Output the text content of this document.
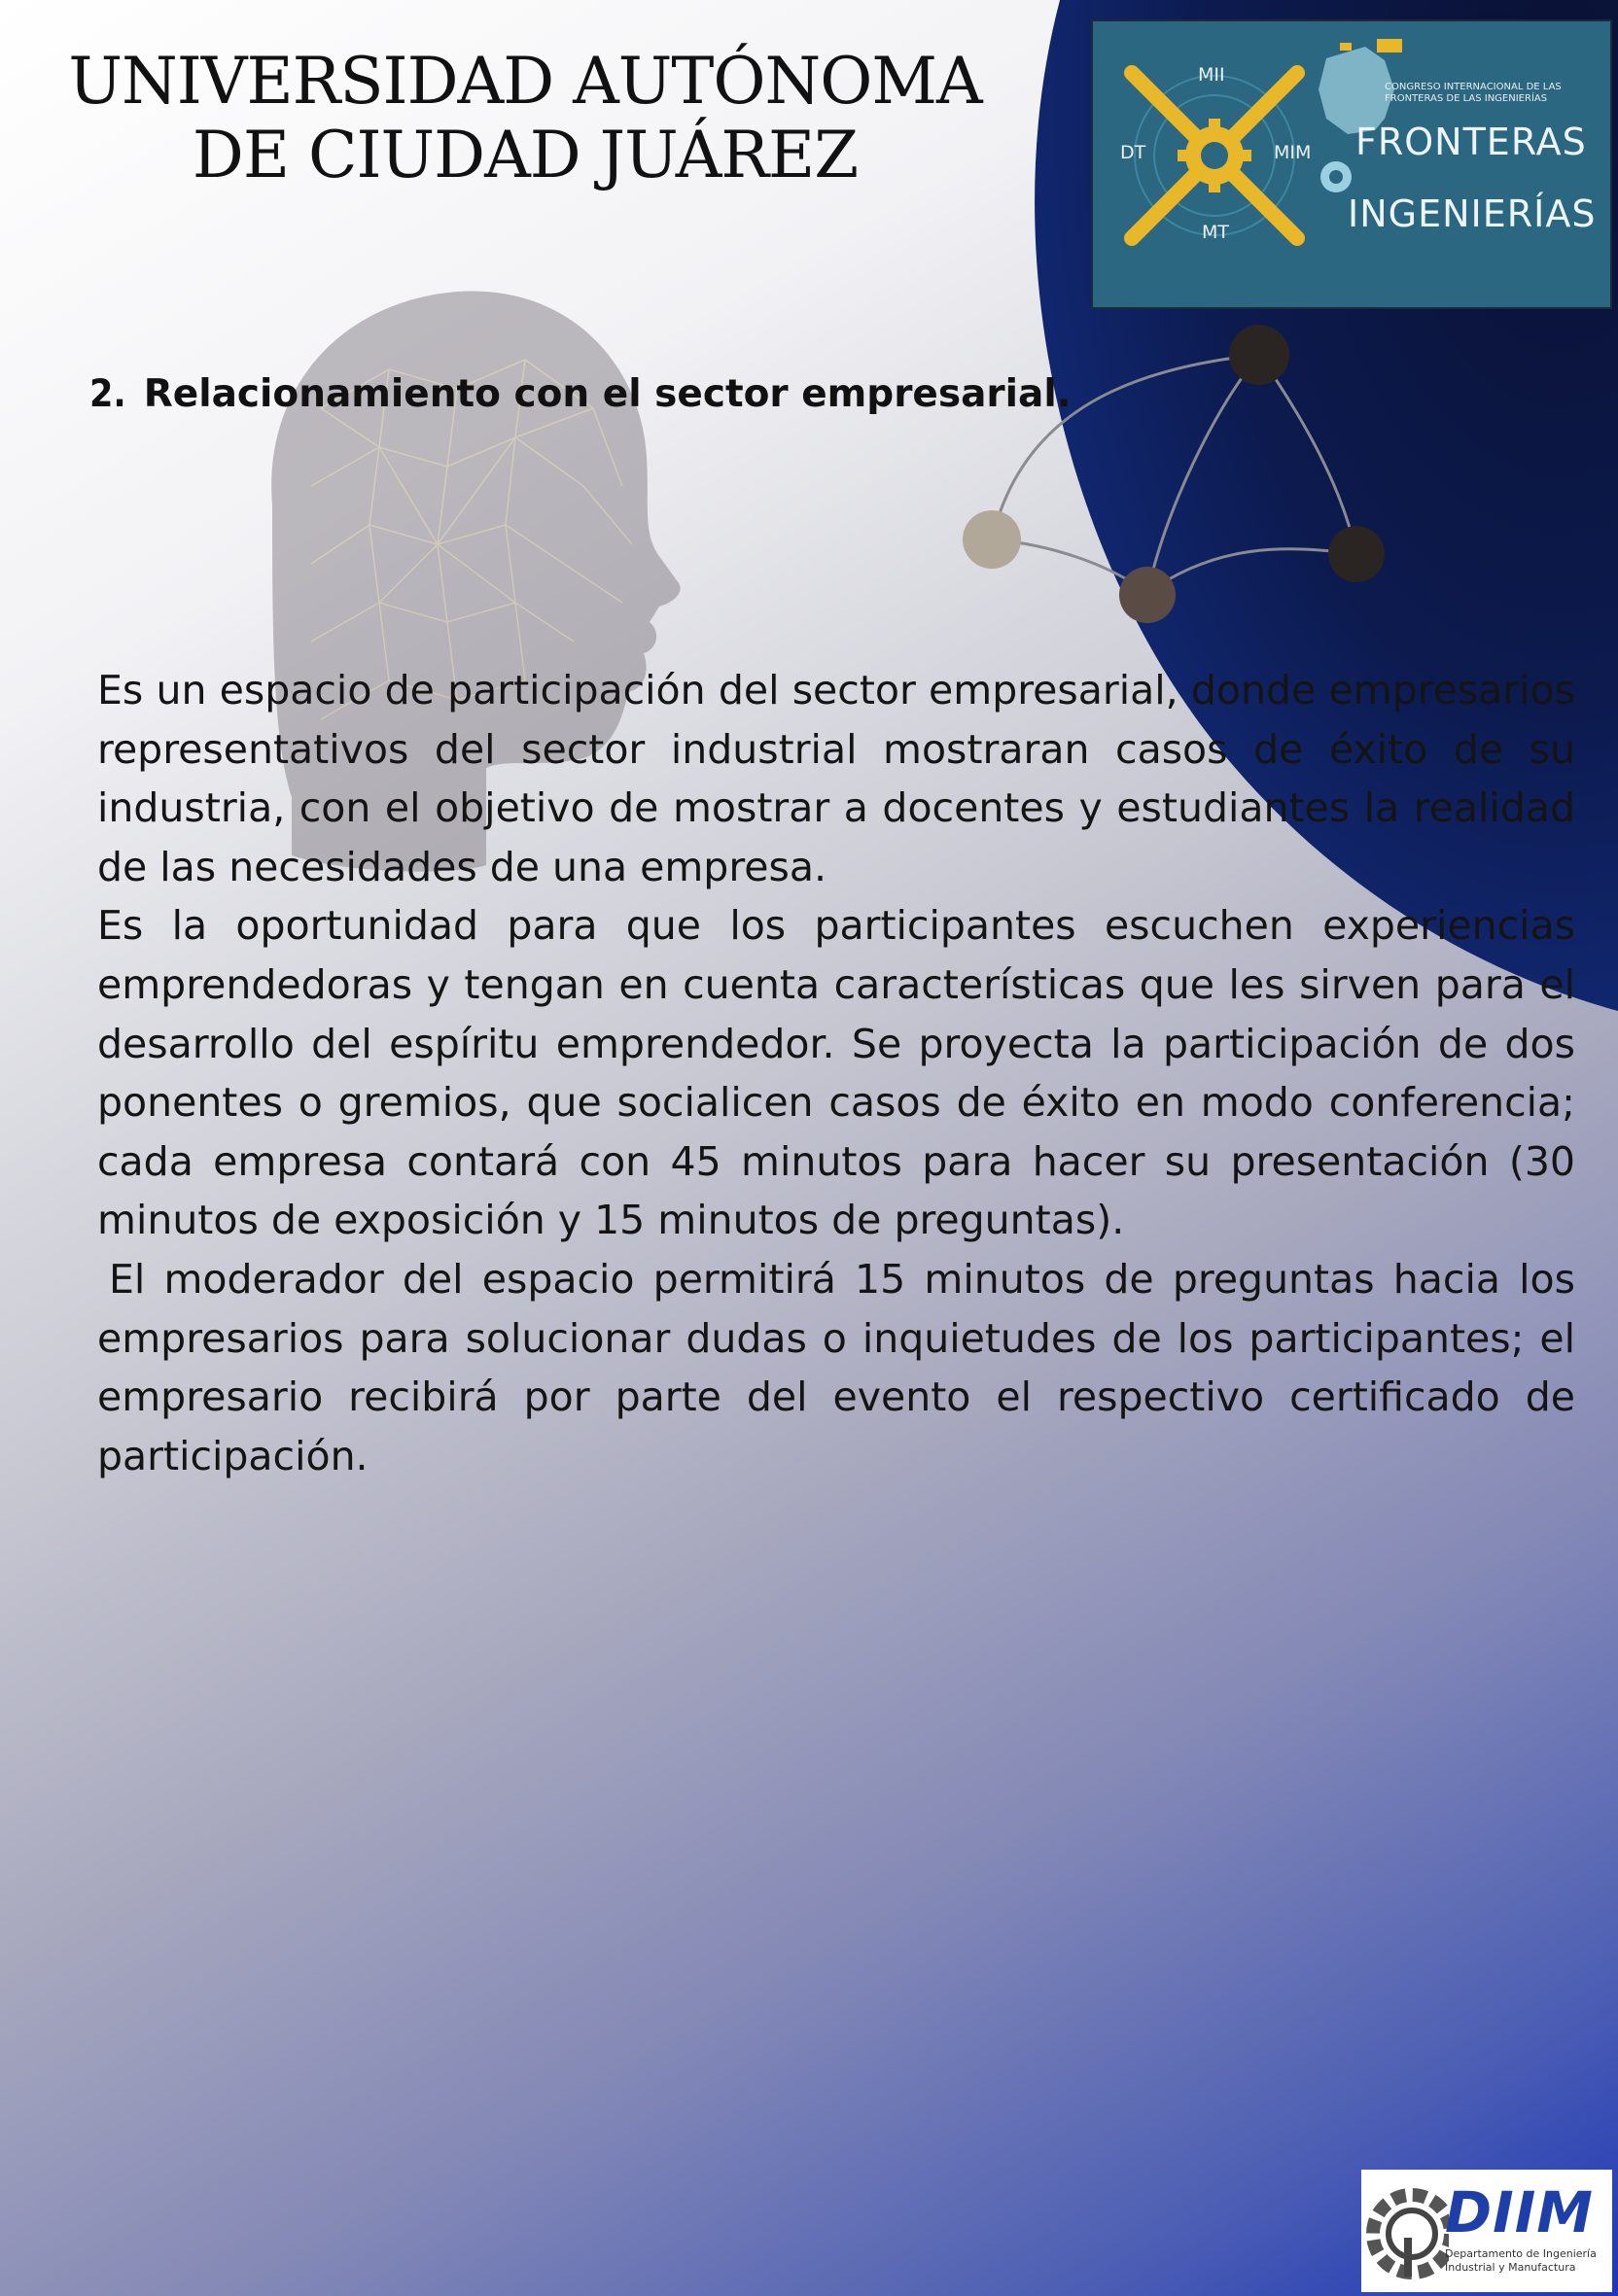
UNIVERSIDAD AUTÓNOMA
DE CIUDAD JUÁREZ
MII
DT	MIM
MT
CONGRESO INTERNACIONAL DE LAS FRONTERAS DE LAS INGENIERÍAS
FRONTERAS
INGENIERÍAS
2. Relacionamiento con el sector empresarial.

Es un espacio de participación del sector empresarial, donde empresarios representativos del sector industrial mostraran casos de éxito de su industria, con el objetivo de mostrar a docentes y estudiantes la realidad de las necesidades de una empresa.

Es la oportunidad para que los participantes escuchen experiencias emprendedoras y tengan en cuenta características que les sirven para el desarrollo del espíritu emprendedor. Se proyecta la participación de dos ponentes o gremios, que socialicen casos de éxito en modo conferencia; cada empresa contará con 45 minutos para hacer su presentación (30 minutos de exposición y 15 minutos de preguntas).

El moderador del espacio permitirá 15 minutos de preguntas hacia los empresarios para solucionar dudas o inquietudes de los participantes; el empresario recibirá por parte del evento el respectivo certificado de participación.

DIIM
Departamento de Ingeniería
Industrial y Manufactura
